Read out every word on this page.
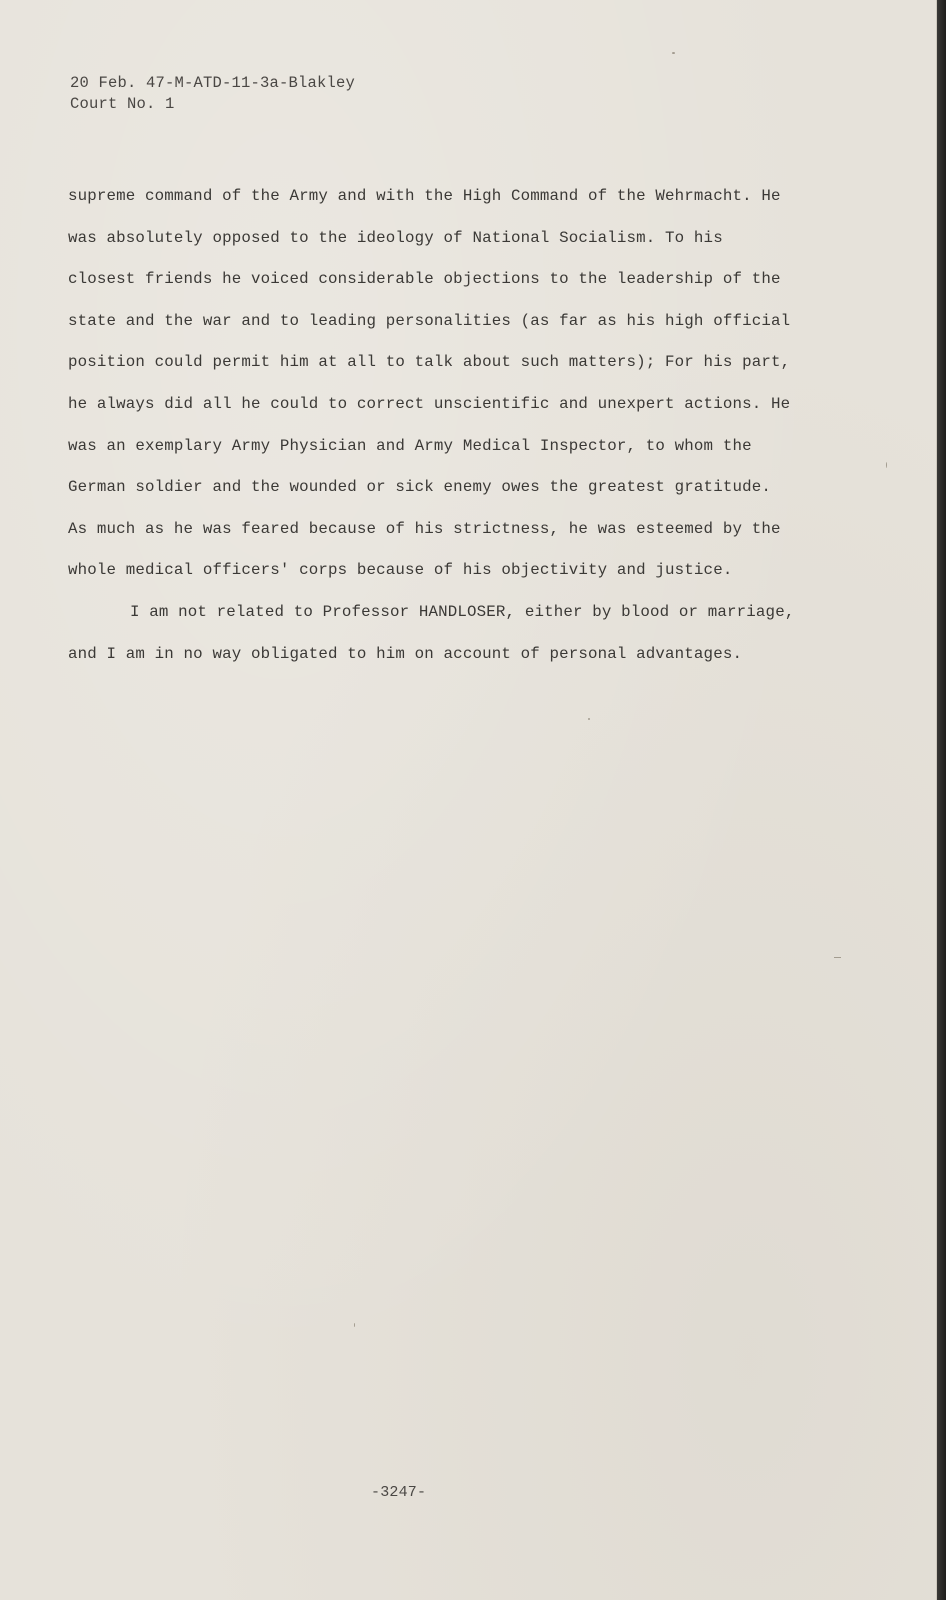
20 Feb. 47-M-ATD-11-3a-Blakley
Court No. 1
supreme command of the Army and with the High Command of the Wehrmacht. He
was absolutely opposed to the ideology of National Socialism. To his
closest friends he voiced considerable objections to the leadership of the
state and the war and to leading personalities (as far as his high official
position could permit him at all to talk about such matters); For his part,
he always did all he could to correct unscientific and unexpert actions. He
was an exemplary Army Physician and Army Medical Inspector, to whom the
German soldier and the wounded or sick enemy owes the greatest gratitude.
As much as he was feared because of his strictness, he was esteemed by the
whole medical officers' corps because of his objectivity and justice.
I am not related to Professor HANDLOSER, either by blood or marriage,
and I am in no way obligated to him on account of personal advantages.
-3247-
